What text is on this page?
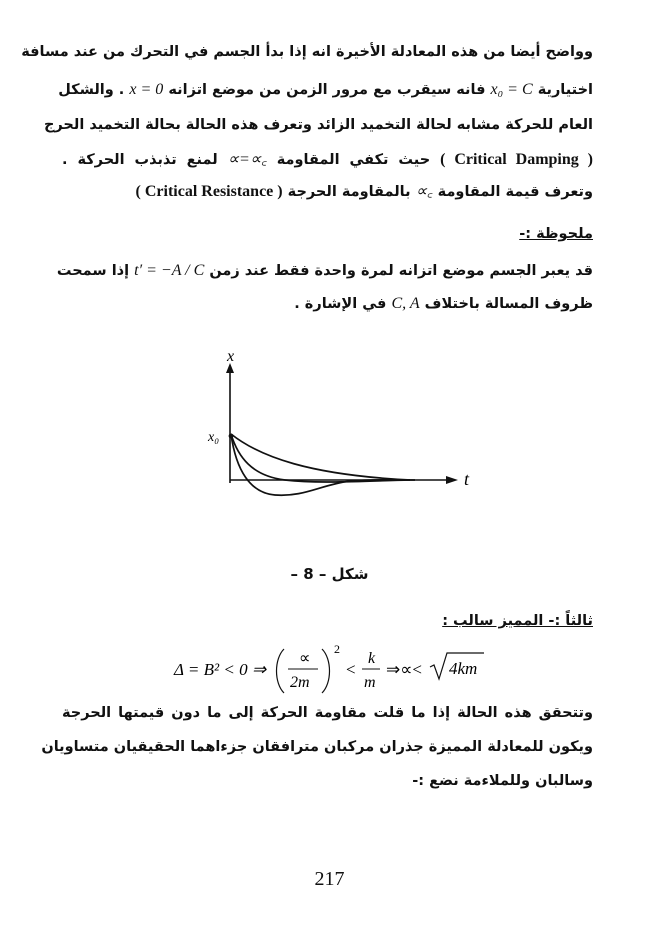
وواضح أيضا من هذه المعادلة الأخيرة انه إذا بدأ الجسم في التحرك من عند مسافة
اختيارية x₀ = C فانه سيقرب مع مرور الزمن من موضع اتزانه x = 0 . والشكل
العام للحركة مشابه لحالة التخميد الزائد وتعرف هذه الحالة بحالة التخميد الحرج
( Critical Damping ) حيث تكفي المقاومة ∝=∝꜀ لمنع تذبذب الحركة .
وتعرف قيمة المقاومة ∝꜀ بالمقاومة الحرجة ( Critical Resistance )
ملحوظة :-
قد يعبر الجسم موضع اتزانه لمرة واحدة فقط عند زمن t′ = −A / C إذا سمحت
ظروف المسالة باختلاف C, A في الإشارة .
x
t
x₀
شكل – 8 –
ثالثاً :- المميز سالب :
Δ = B² < 0 ⇒
∝
2m
2
<
k
m
⇒∝< 4km
وتتحقق هذه الحالة إذا ما قلت مقاومة الحركة إلى ما دون قيمتها الحرجة
ويكون للمعادلة المميزة جذران مركبان مترافقان جزءاهما الحقيقيان متساويان
وسالبان وللملاءمة نضع :-
217
